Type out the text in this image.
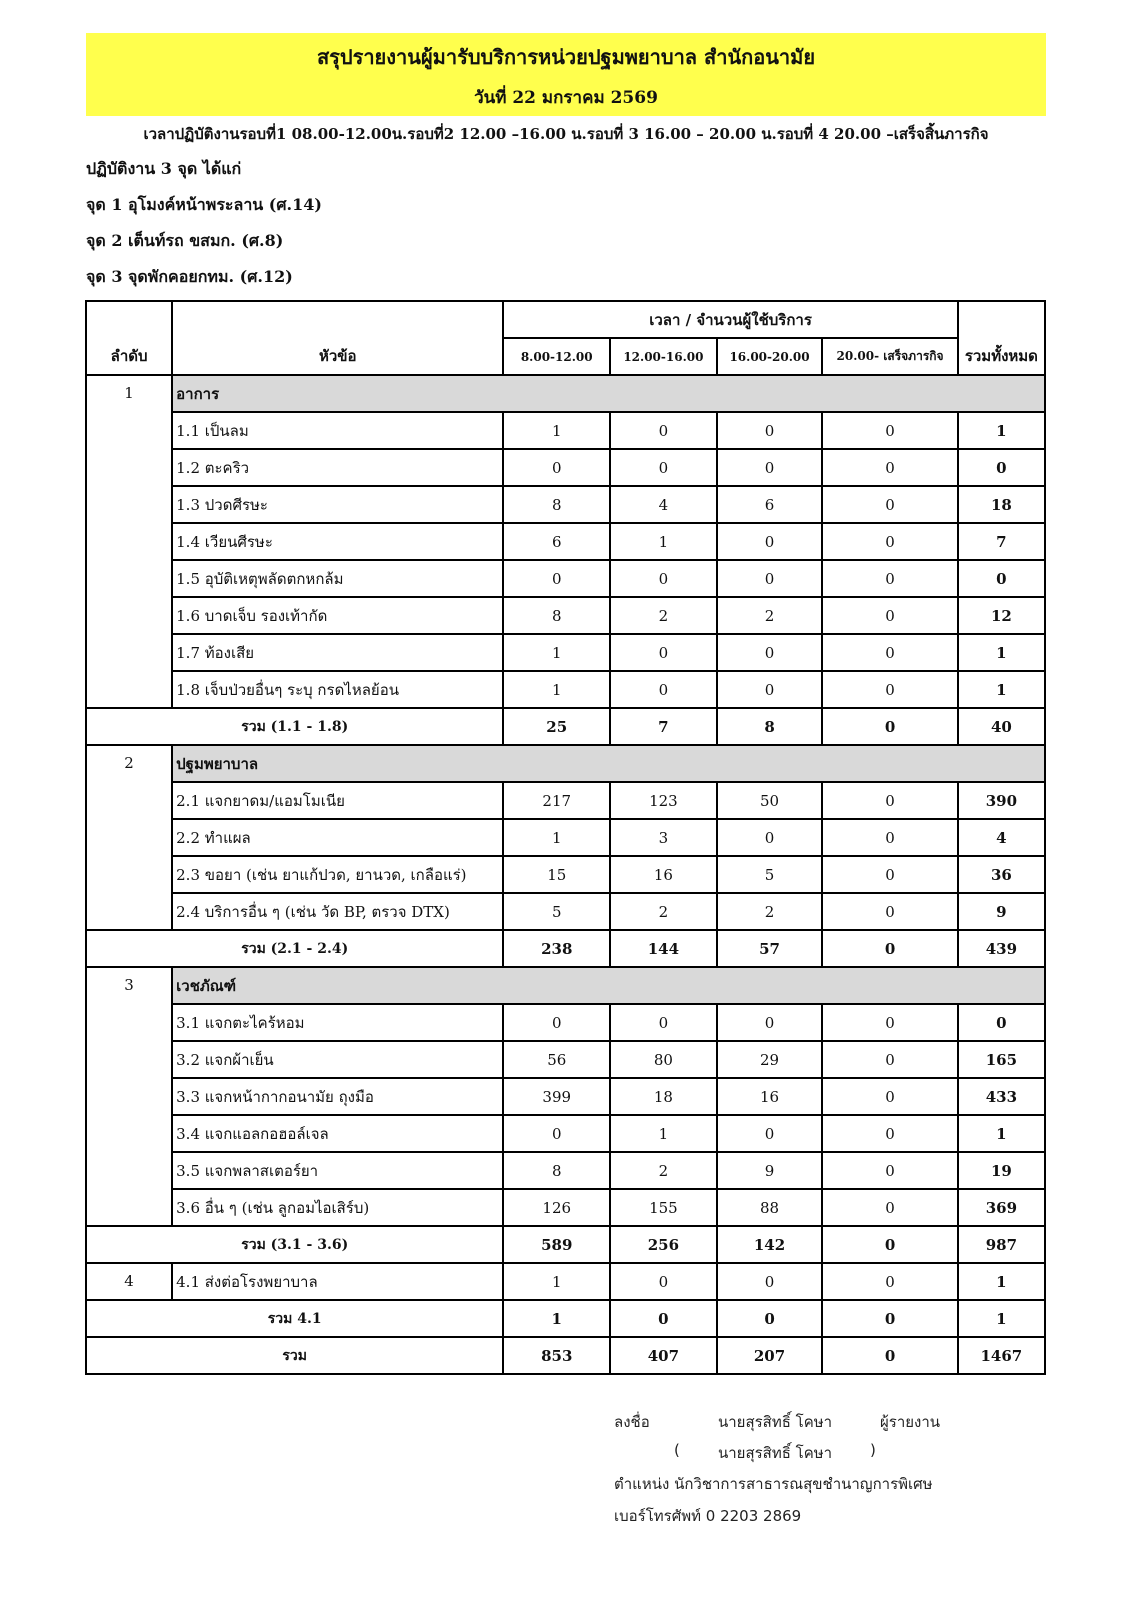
สรุปรายงานผู้มารับบริการหน่วยปฐมพยาบาล สำนักอนามัย
วันที่ 22 มกราคม 2569
เวลาปฏิบัติงานรอบที่1 08.00-12.00น.รอบที่2 12.00 –16.00 น.รอบที่ 3 16.00 – 20.00 น.รอบที่ 4 20.00 –เสร็จสิ้นภารกิจ
ปฏิบัติงาน 3 จุด ได้แก่
จุด 1 อุโมงค์หน้าพระลาน (ศ.14)
จุด 2 เต็นท์รถ ขสมก. (ศ.8)
จุด 3 จุดพักคอยกทม. (ศ.12)
ลำดับ	หัวข้อ	เวลา / จำนวนผู้ใช้บริการ				รวมทั้งหมด
		8.00-12.00	12.00-16.00	16.00-20.00	20.00- เสร็จภารกิจ	
1	อาการ					
	1.1 เป็นลม	1	0	0	0	1
	1.2 ตะคริว	0	0	0	0	0
	1.3 ปวดศีรษะ	8	4	6	0	18
	1.4 เวียนศีรษะ	6	1	0	0	7
	1.5 อุบัติเหตุพลัดตกหกล้ม	0	0	0	0	0
	1.6 บาดเจ็บ รองเท้ากัด	8	2	2	0	12
	1.7 ท้องเสีย	1	0	0	0	1
	1.8 เจ็บป่วยอื่นๆ ระบุ กรดไหลย้อน	1	0	0	0	1
รวม (1.1 - 1.8)		25	7	8	0	40
2	ปฐมพยาบาล					
	2.1 แจกยาดม/แอมโมเนีย	217	123	50	0	390
	2.2 ทำแผล	1	3	0	0	4
	2.3 ขอยา (เช่น ยาแก้ปวด, ยานวด, เกลือแร่)	15	16	5	0	36
	2.4 บริการอื่น ๆ (เช่น วัด BP, ตรวจ DTX)	5	2	2	0	9
รวม (2.1 - 2.4)		238	144	57	0	439
3	เวชภัณฑ์					
	3.1 แจกตะไคร้หอม	0	0	0	0	0
	3.2 แจกผ้าเย็น	56	80	29	0	165
	3.3 แจกหน้ากากอนามัย ถุงมือ	399	18	16	0	433
	3.4 แจกแอลกอฮอล์เจล	0	1	0	0	1
	3.5 แจกพลาสเตอร์ยา	8	2	9	0	19
	3.6 อื่น ๆ (เช่น ลูกอมไอเสิร์บ)	126	155	88	0	369
รวม (3.1 - 3.6)		589	256	142	0	987
4	4.1 ส่งต่อโรงพยาบาล	1	0	0	0	1
รวม 4.1		1	0	0	0	1
รวม		853	407	207	0	1467
ลงชื่อ	นายสุรสิทธิ์ โคษา	ผู้รายงาน
(	นายสุรสิทธิ์ โคษา	)
ตำแหน่ง นักวิชาการสาธารณสุขชำนาญการพิเศษ
เบอร์โทรศัพท์ 0 2203 2869
